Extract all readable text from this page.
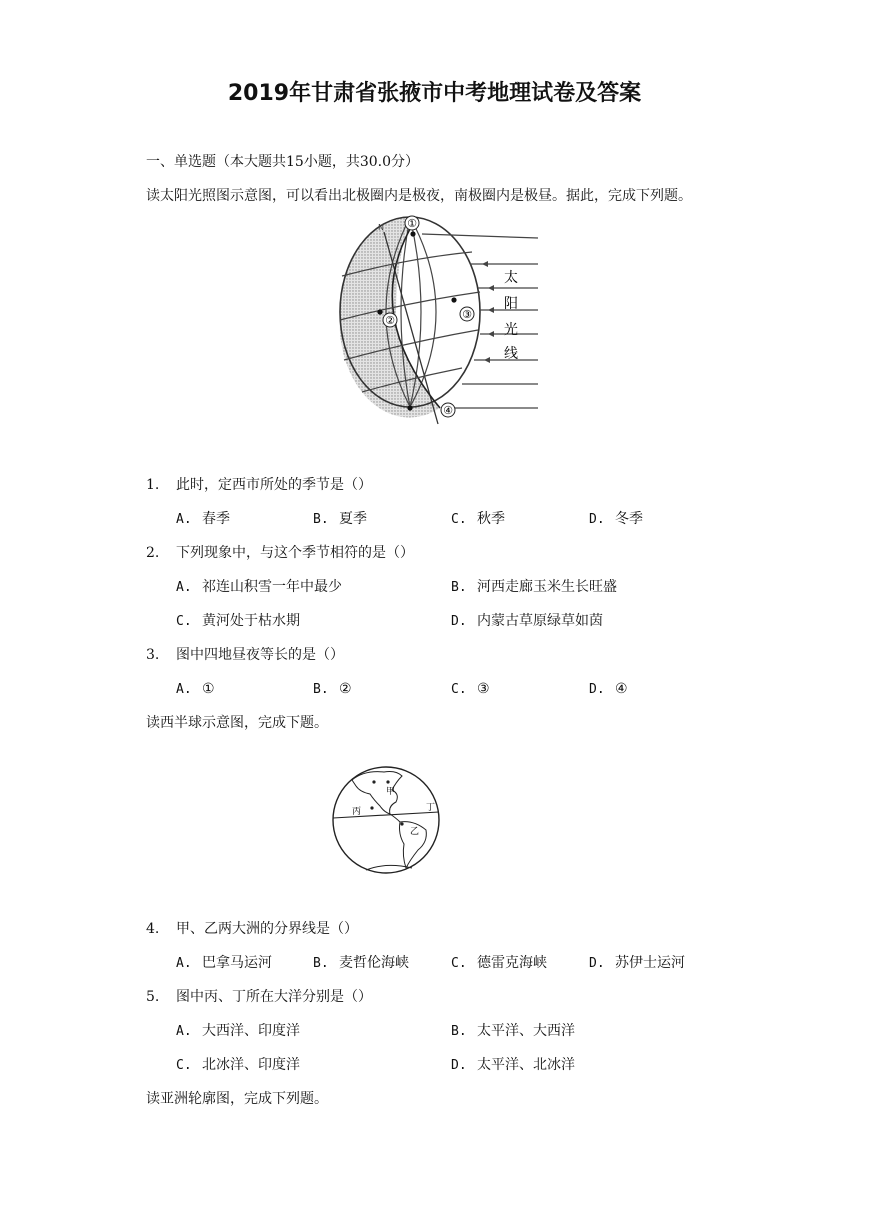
2019年甘肃省张掖市中考地理试卷及答案
一、单选题（本大题共15小题，共30.0分）
读太阳光照图示意图，可以看出北极圈内是极夜，南极圈内是极昼。据此，完成下列题。
N ①
②	③
④
太
阳
光
线
1. 此时，定西市所处的季节是（）
A. 春季	B. 夏季	C. 秋季	D. 冬季
2. 下列现象中，与这个季节相符的是（）
A. 祁连山积雪一年中最少	B. 河西走廊玉米生长旺盛
C. 黄河处于枯水期	D. 内蒙古草原绿草如茵
3. 图中四地昼夜等长的是（）
A. ①	B. ②	C. ③	D. ④
读西半球示意图，完成下题。
甲
乙
丙	丁
4. 甲、乙两大洲的分界线是（）
A. 巴拿马运河	B. 麦哲伦海峡	C. 德雷克海峡	D. 苏伊士运河
5. 图中丙、丁所在大洋分别是（）
A. 大西洋、印度洋	B. 太平洋、大西洋
C. 北冰洋、印度洋	D. 太平洋、北冰洋
读亚洲轮廓图，完成下列题。
